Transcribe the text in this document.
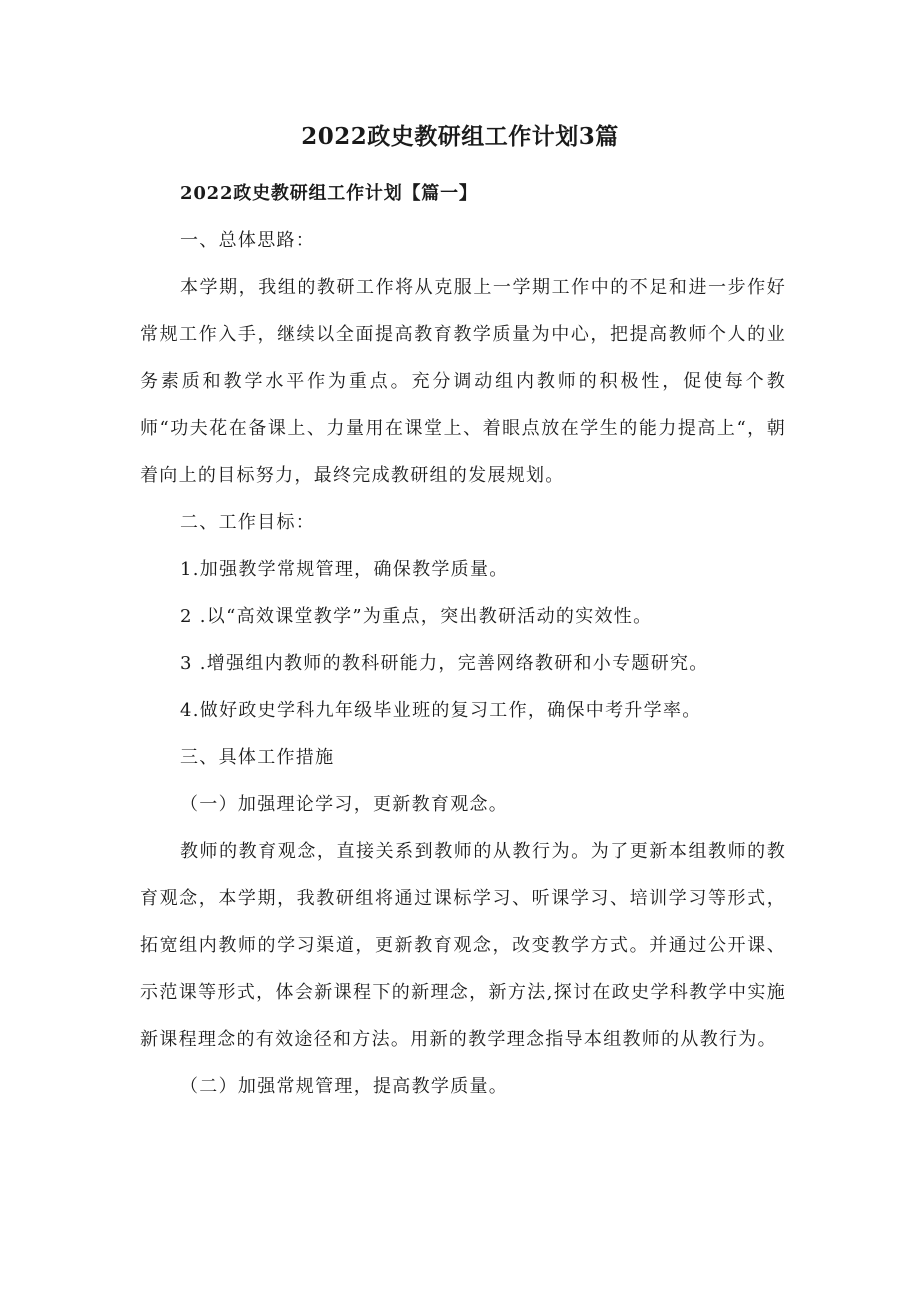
2022政史教研组工作计划3篇

2022政史教研组工作计划【篇一】

一、总体思路：

本学期，我组的教研工作将从克服上一学期工作中的不足和进一步作好常规工作入手，继续以全面提高教育教学质量为中心，把提高教师个人的业务素质和教学水平作为重点。充分调动组内教师的积极性，促使每个教师“功夫花在备课上、力量用在课堂上、着眼点放在学生的能力提高上“，朝着向上的目标努力，最终完成教研组的发展规划。

二、工作目标：

1.加强教学常规管理，确保教学质量。

2 .以“高效课堂教学”为重点，突出教研活动的实效性。

3 .增强组内教师的教科研能力，完善网络教研和小专题研究。

4.做好政史学科九年级毕业班的复习工作，确保中考升学率。

三、具体工作措施

（一）加强理论学习，更新教育观念。

教师的教育观念，直接关系到教师的从教行为。为了更新本组教师的教育观念，本学期，我教研组将通过课标学习、听课学习、培训学习等形式，拓宽组内教师的学习渠道，更新教育观念，改变教学方式。并通过公开课、示范课等形式，体会新课程下的新理念，新方法,探讨在政史学科教学中实施新课程理念的有效途径和方法。用新的教学理念指导本组教师的从教行为。

（二）加强常规管理，提高教学质量。
